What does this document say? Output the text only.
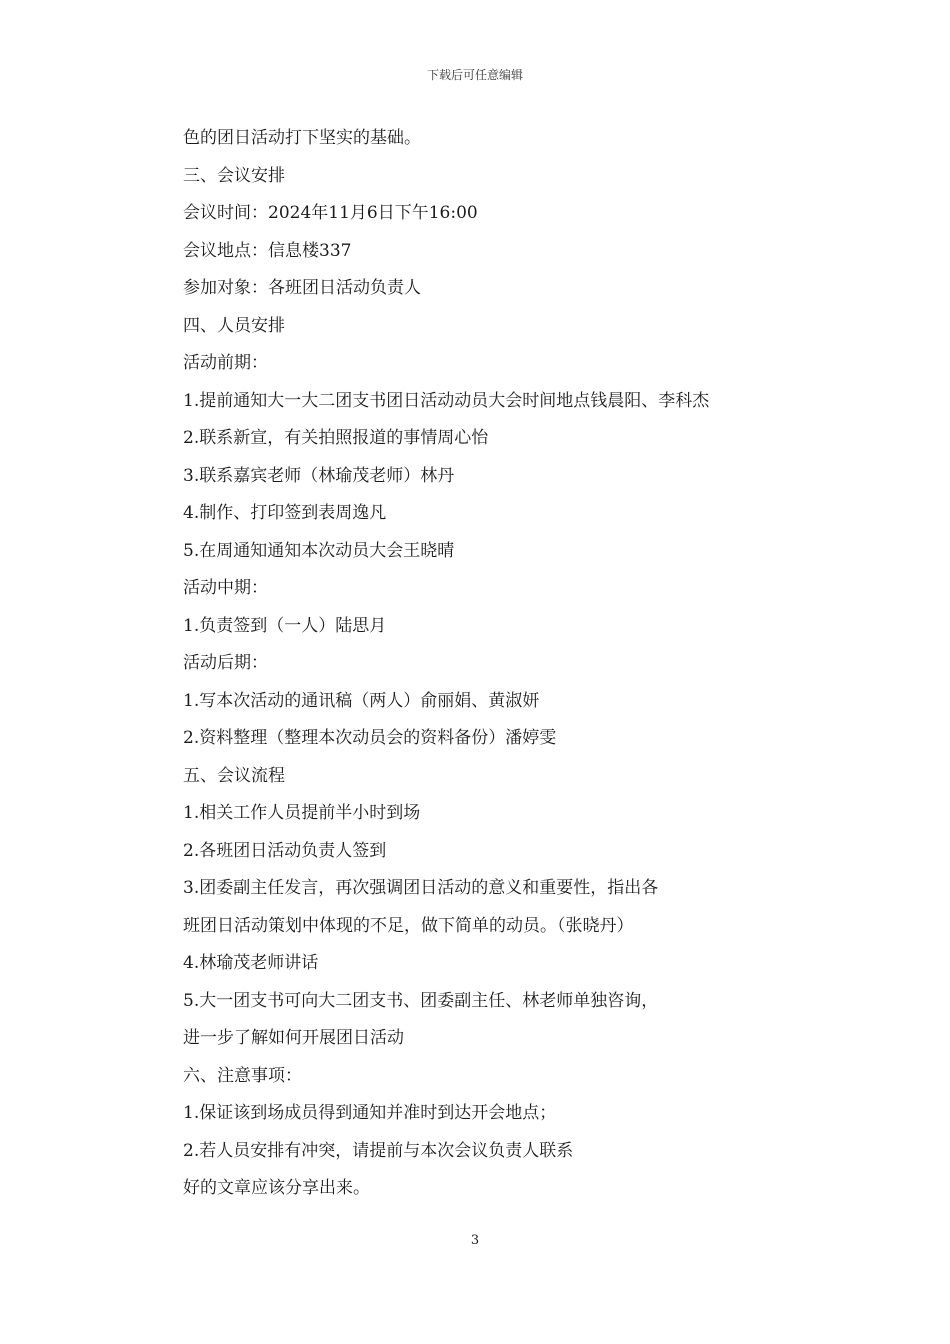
下载后可任意编辑
色的团日活动打下坚实的基础。
三、会议安排
会议时间：2024年11月6日下午16:00
会议地点：信息楼337
参加对象：各班团日活动负责人
四、人员安排
活动前期：
1.提前通知大一大二团支书团日活动动员大会时间地点钱晨阳、李科杰
2.联系新宣，有关拍照报道的事情周心怡
3.联系嘉宾老师（林瑜茂老师）林丹
4.制作、打印签到表周逸凡
5.在周通知通知本次动员大会王晓晴
活动中期：
1.负责签到（一人）陆思月
活动后期：
1.写本次活动的通讯稿（两人）俞丽娟、黄淑妍
2.资料整理（整理本次动员会的资料备份）潘婷雯
五、会议流程
1.相关工作人员提前半小时到场
2.各班团日活动负责人签到
3.团委副主任发言，再次强调团日活动的意义和重要性，指出各
班团日活动策划中体现的不足，做下简单的动员。（张晓丹）
4.林瑜茂老师讲话
5.大一团支书可向大二团支书、团委副主任、林老师单独咨询，
进一步了解如何开展团日活动
六、注意事项：
1.保证该到场成员得到通知并准时到达开会地点；
2.若人员安排有冲突，请提前与本次会议负责人联系
好的文章应该分享出来。
3
